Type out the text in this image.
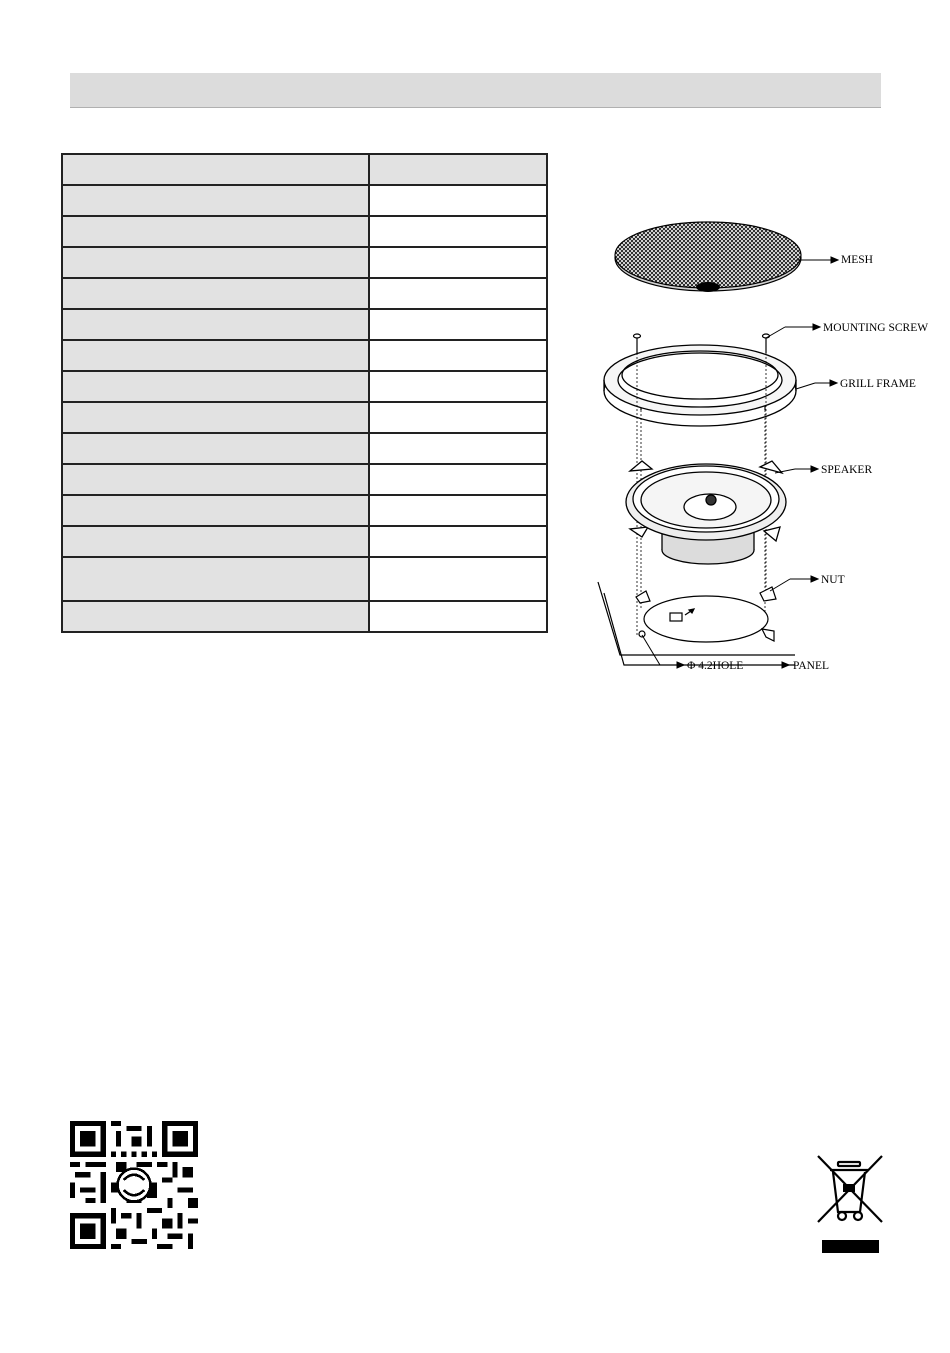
MESH
MOUNTING SCREW
GRILL FRAME
SPEAKER
NUT
Φ 4.2HOLE	PANEL
